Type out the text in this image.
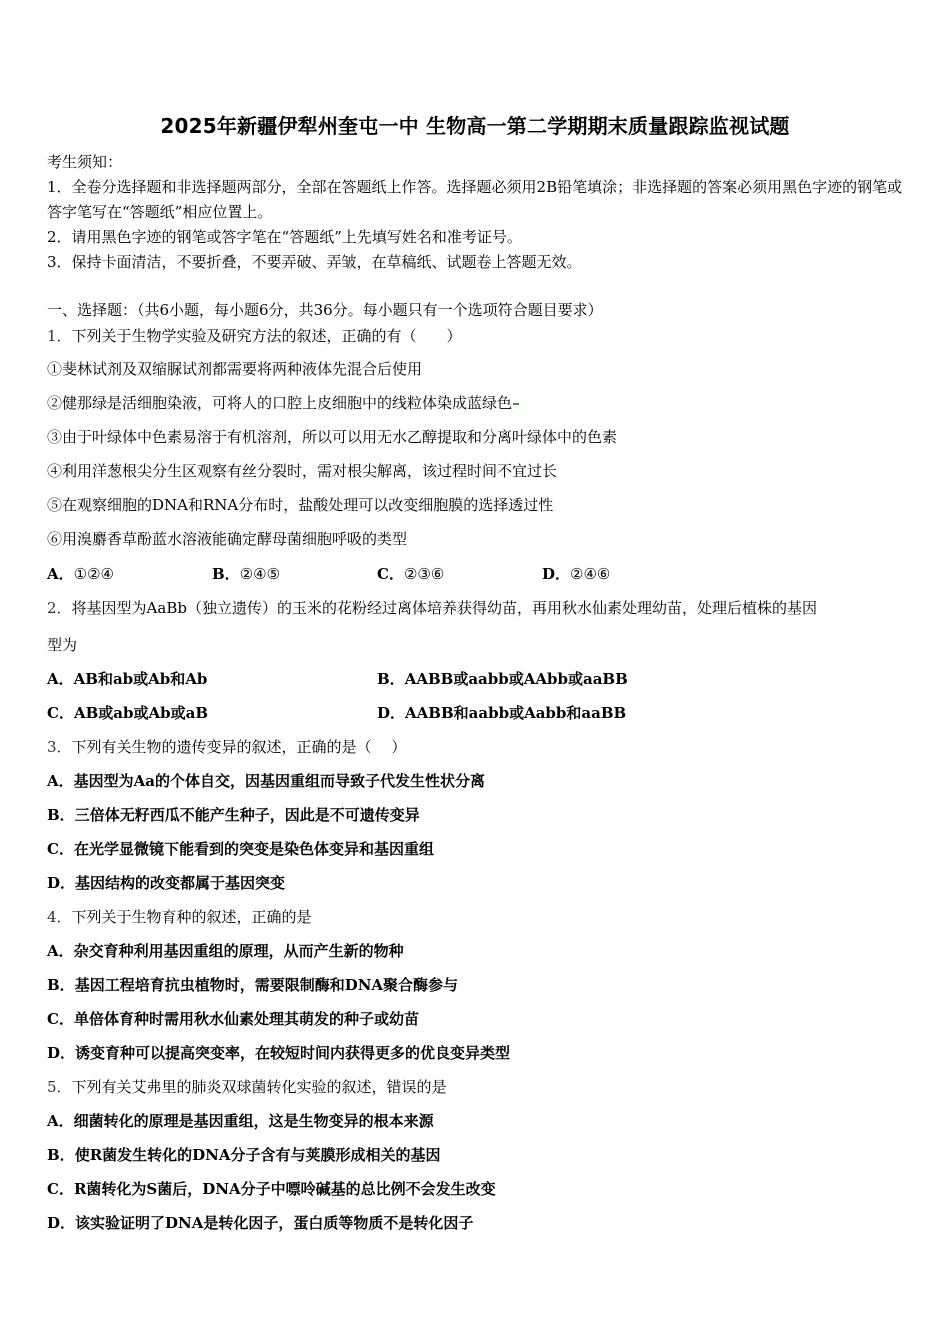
2025年新疆伊犁州奎屯一中 生物高一第二学期期末质量跟踪监视试题
考生须知：
1．全卷分选择题和非选择题两部分，全部在答题纸上作答。选择题必须用2B铅笔填涂；非选择题的答案必须用黑色字迹的钢笔或答字笔写在“答题纸”相应位置上。
2．请用黑色字迹的钢笔或答字笔在“答题纸”上先填写姓名和准考证号。
3．保持卡面清洁，不要折叠，不要弄破、弄皱，在草稿纸、试题卷上答题无效。
一、选择题：（共6小题，每小题6分，共36分。每小题只有一个选项符合题目要求）
1．下列关于生物学实验及研究方法的叙述，正确的有（　　）
①斐林试剂及双缩脲试剂都需要将两种液体先混合后使用
②健那绿是活细胞染液，可将人的口腔上皮细胞中的线粒体染成蓝绿色
③由于叶绿体中色素易溶于有机溶剂，所以可以用无水乙醇提取和分离叶绿体中的色素
④利用洋葱根尖分生区观察有丝分裂时，需对根尖解离，该过程时间不宜过长
⑤在观察细胞的DNA和RNA分布时，盐酸处理可以改变细胞膜的选择透过性
⑥用溴麝香草酚蓝水溶液能确定酵母菌细胞呼吸的类型
A．①②④	B．②④⑤	C．②③⑥	D．②④⑥
2．将基因型为AaBb（独立遗传）的玉米的花粉经过离体培养获得幼苗，再用秋水仙素处理幼苗，处理后植株的基因
型为
A．AB和ab或Ab和Ab	B．AABB或aabb或AAbb或aaBB
C．AB或ab或Ab或aB	D．AABB和aabb或Aabb和aaBB
3．下列有关生物的遗传变异的叙述，正确的是（　 ）
A．基因型为Aa的个体自交，因基因重组而导致子代发生性状分离
B．三倍体无籽西瓜不能产生种子，因此是不可遗传变异
C．在光学显微镜下能看到的突变是染色体变异和基因重组
D．基因结构的改变都属于基因突变
4．下列关于生物育种的叙述，正确的是
A．杂交育种利用基因重组的原理，从而产生新的物种
B．基因工程培育抗虫植物时，需要限制酶和DNA聚合酶参与
C．单倍体育种时需用秋水仙素处理其萌发的种子或幼苗
D．诱变育种可以提高突变率，在较短时间内获得更多的优良变异类型
5．下列有关艾弗里的肺炎双球菌转化实验的叙述，错误的是
A．细菌转化的原理是基因重组，这是生物变异的根本来源
B．使R菌发生转化的DNA分子含有与荚膜形成相关的基因
C．R菌转化为S菌后，DNA分子中嘌呤碱基的总比例不会发生改变
D．该实验证明了DNA是转化因子，蛋白质等物质不是转化因子
